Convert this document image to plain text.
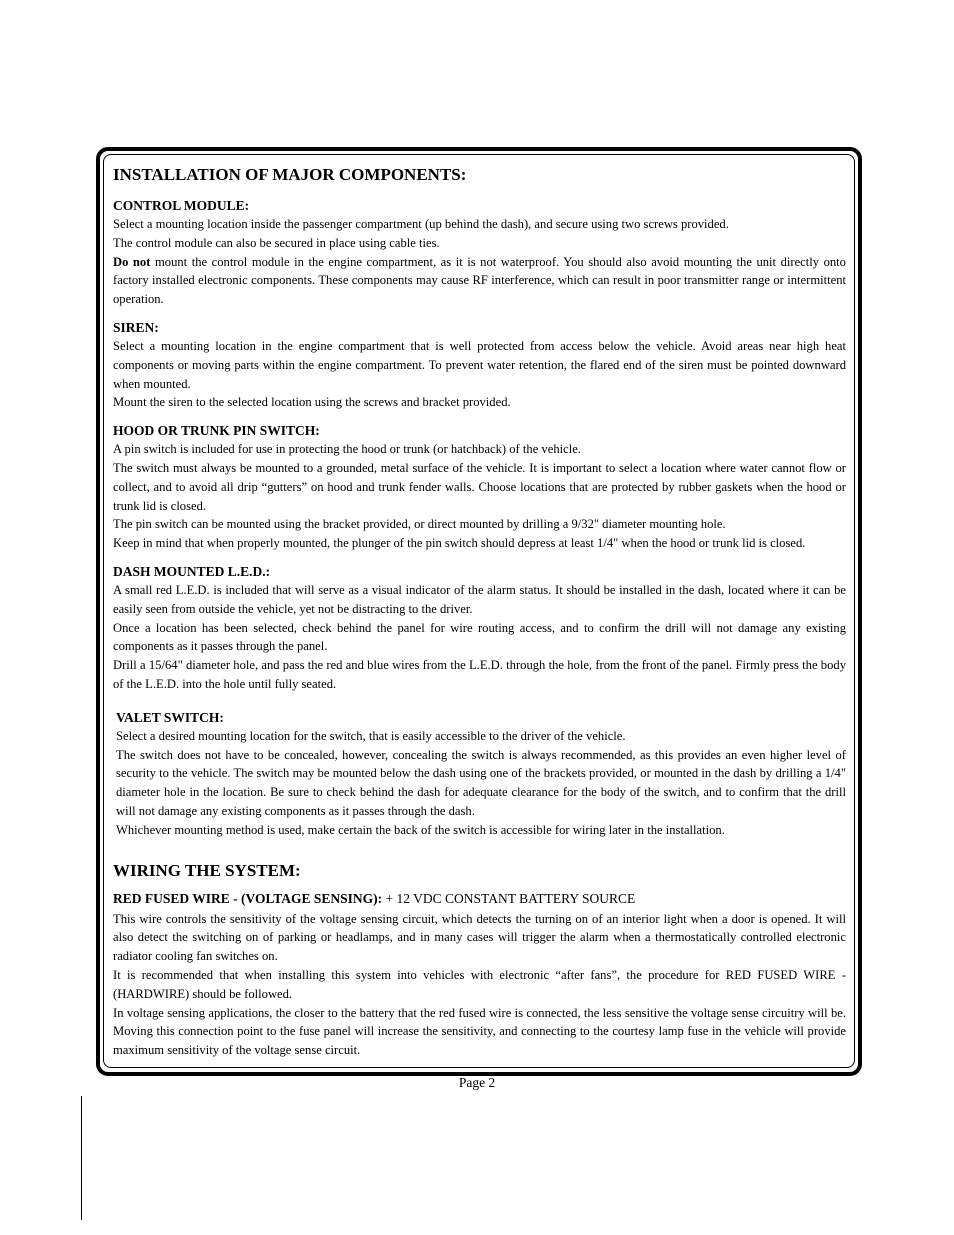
INSTALLATION OF MAJOR COMPONENTS:

CONTROL MODULE:

Select a mounting location inside the passenger compartment (up behind the dash), and secure using two screws provided.

The control module can also be secured in place using cable ties.

Do not mount the control module in the engine compartment, as it is not waterproof. You should also avoid mounting the unit directly onto factory installed electronic components. These components may cause RF interference, which can result in poor transmitter range or intermittent operation.

SIREN:

Select a mounting location in the engine compartment that is well protected from access below the vehicle. Avoid areas near high heat components or moving parts within the engine compartment. To prevent water retention, the flared end of the siren must be pointed downward when mounted.

Mount the siren to the selected location using the screws and bracket provided.

HOOD OR TRUNK PIN SWITCH:

A pin switch is included for use in protecting the hood or trunk (or hatchback) of the vehicle.

The switch must always be mounted to a grounded, metal surface of the vehicle. It is important to select a location where water cannot flow or collect, and to avoid all drip “gutters” on hood and trunk fender walls. Choose locations that are protected by rubber gaskets when the hood or trunk lid is closed.

The pin switch can be mounted using the bracket provided, or direct mounted by drilling a 9/32" diameter mounting hole.

Keep in mind that when properly mounted, the plunger of the pin switch should depress at least 1/4" when the hood or trunk lid is closed.

DASH MOUNTED L.E.D.:

A small red L.E.D. is included that will serve as a visual indicator of the alarm status. It should be installed in the dash, located where it can be easily seen from outside the vehicle, yet not be distracting to the driver.

Once a location has been selected, check behind the panel for wire routing access, and to confirm the drill will not damage any existing components as it passes through the panel.

Drill a 15/64" diameter hole, and pass the red and blue wires from the L.E.D. through the hole, from the front of the panel. Firmly press the body of the L.E.D. into the hole until fully seated.

VALET SWITCH:

Select a desired mounting location for the switch, that is easily accessible to the driver of the vehicle.

The switch does not have to be concealed, however, concealing the switch is always recommended, as this provides an even higher level of security to the vehicle. The switch may be mounted below the dash using one of the brackets provided, or mounted in the dash by drilling a 1/4" diameter hole in the location. Be sure to check behind the dash for adequate clearance for the body of the switch, and to confirm that the drill will not damage any existing components as it passes through the dash.

Whichever mounting method is used, make certain the back of the switch is accessible for wiring later in the installation.

WIRING THE SYSTEM:

RED FUSED WIRE - (VOLTAGE SENSING): + 12 VDC CONSTANT BATTERY SOURCE

This wire controls the sensitivity of the voltage sensing circuit, which detects the turning on of an interior light when a door is opened. It will also detect the switching on of parking or headlamps, and in many cases will trigger the alarm when a thermostatically controlled electronic radiator cooling fan switches on.

It is recommended that when installing this system into vehicles with electronic “after fans”, the procedure for RED FUSED WIRE - (HARDWIRE) should be followed.

In voltage sensing applications, the closer to the battery that the red fused wire is connected, the less sensitive the voltage sense circuitry will be. Moving this connection point to the fuse panel will increase the sensitivity, and connecting to the courtesy lamp fuse in the vehicle will provide maximum sensitivity of the voltage sense circuit.

Page 2
